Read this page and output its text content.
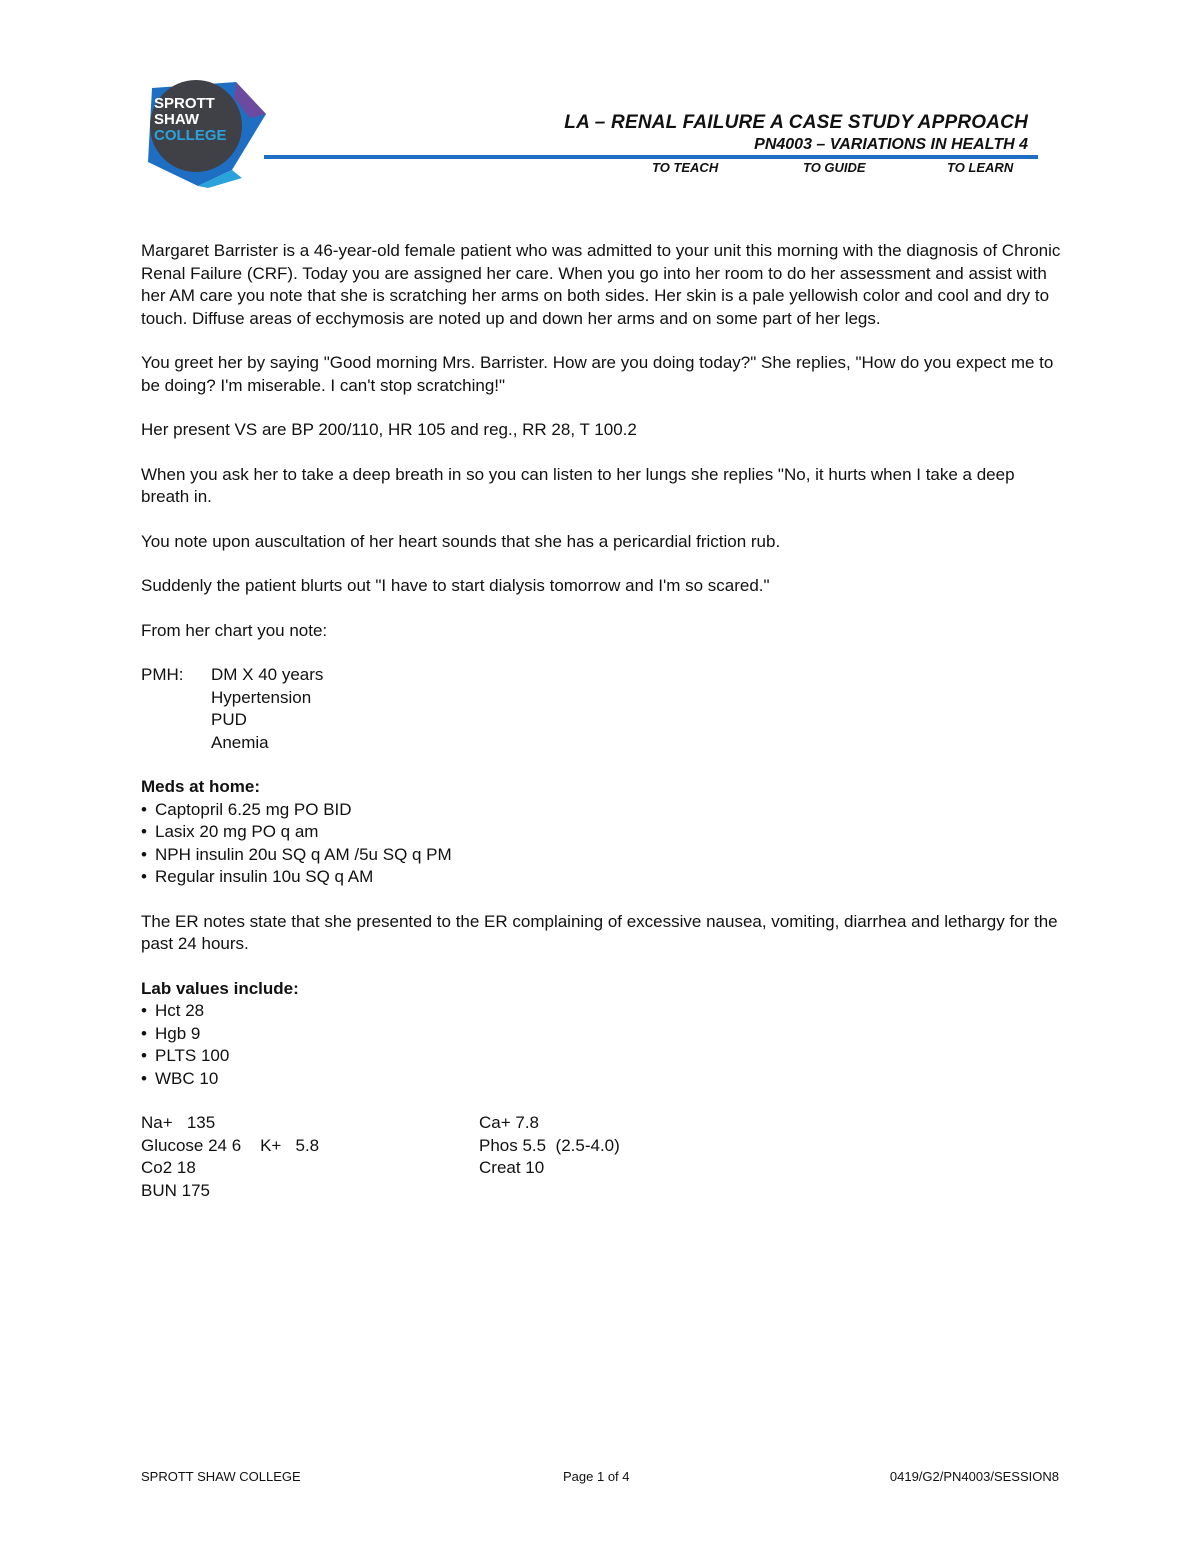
SPROTT
SHAW
COLLEGE
LA – RENAL FAILURE A CASE STUDY APPROACH
PN4003 – VARIATIONS IN HEALTH 4
TO TEACH	TO GUIDE	TO LEARN

Margaret Barrister is a 46-year-old female patient who was admitted to your unit this morning with the diagnosis of Chronic Renal Failure (CRF). Today you are assigned her care. When you go into her room to do her assessment and assist with her AM care you note that she is scratching her arms on both sides. Her skin is a pale yellowish color and cool and dry to touch. Diffuse areas of ecchymosis are noted up and down her arms and on some part of her legs.

You greet her by saying "Good morning Mrs. Barrister. How are you doing today?" She replies, "How do you expect me to be doing? I'm miserable. I can't stop scratching!"

Her present VS are BP 200/110, HR 105 and reg., RR 28, T 100.2

When you ask her to take a deep breath in so you can listen to her lungs she replies "No, it hurts when I take a deep breath in.

You note upon auscultation of her heart sounds that she has a pericardial friction rub.

Suddenly the patient blurts out "I have to start dialysis tomorrow and I'm so scared."

From her chart you note:

PMH:	DM X 40 years
Hypertension
PUD
Anemia
Meds at home:
• Captopril 6.25 mg PO BID
• Lasix 20 mg PO q am
• NPH insulin 20u SQ q AM /5u SQ q PM
• Regular insulin 10u SQ q AM

The ER notes state that she presented to the ER complaining of excessive nausea, vomiting, diarrhea and lethargy for the past 24 hours.

Lab values include:
• Hct 28
• Hgb 9
• PLTS 100
• WBC 10
Na+   135	Ca+ 7.8
Glucose 24 6    K+   5.8	Phos 5.5  (2.5-4.0)
Co2 18	Creat 10
BUN 175
SPROTT SHAW COLLEGE	Page 1 of 4	0419/G2/PN4003/SESSION8
